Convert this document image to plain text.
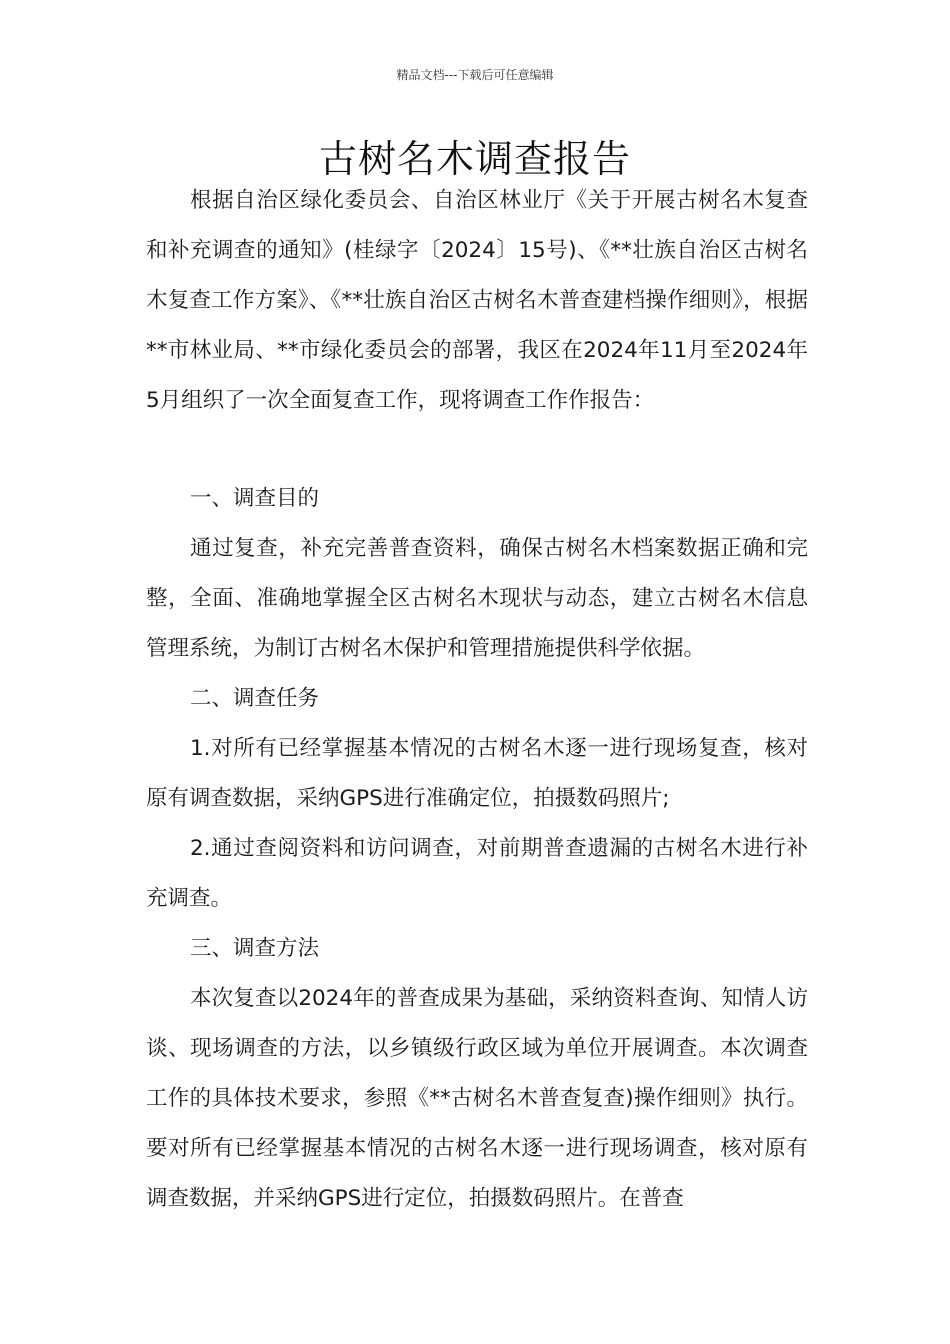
精品文档---下载后可任意编辑
古树名木调查报告

根据自治区绿化委员会、自治区林业厅《关于开展古树名木复查和补充调查的通知》(桂绿字〔2024〕15号)、《**壮族自治区古树名木复查工作方案》、《**壮族自治区古树名木普查建档操作细则》，根据**市林业局、**市绿化委员会的部署，我区在2024年11月至2024年5月组织了一次全面复查工作，现将调查工作作报告：

一、调查目的

通过复查，补充完善普查资料，确保古树名木档案数据正确和完整，全面、准确地掌握全区古树名木现状与动态，建立古树名木信息管理系统，为制订古树名木保护和管理措施提供科学依据。

二、调查任务

1.对所有已经掌握基本情况的古树名木逐一进行现场复查，核对原有调查数据，采纳GPS进行准确定位，拍摄数码照片;

2.通过查阅资料和访问调查，对前期普查遗漏的古树名木进行补充调查。

三、调查方法

本次复查以2024年的普查成果为基础，采纳资料查询、知情人访谈、现场调查的方法，以乡镇级行政区域为单位开展调查。本次调查工作的具体技术要求，参照《**古树名木普查复查)操作细则》执行。要对所有已经掌握基本情况的古树名木逐一进行现场调查，核对原有调查数据，并采纳GPS进行定位，拍摄数码照片。在普查
